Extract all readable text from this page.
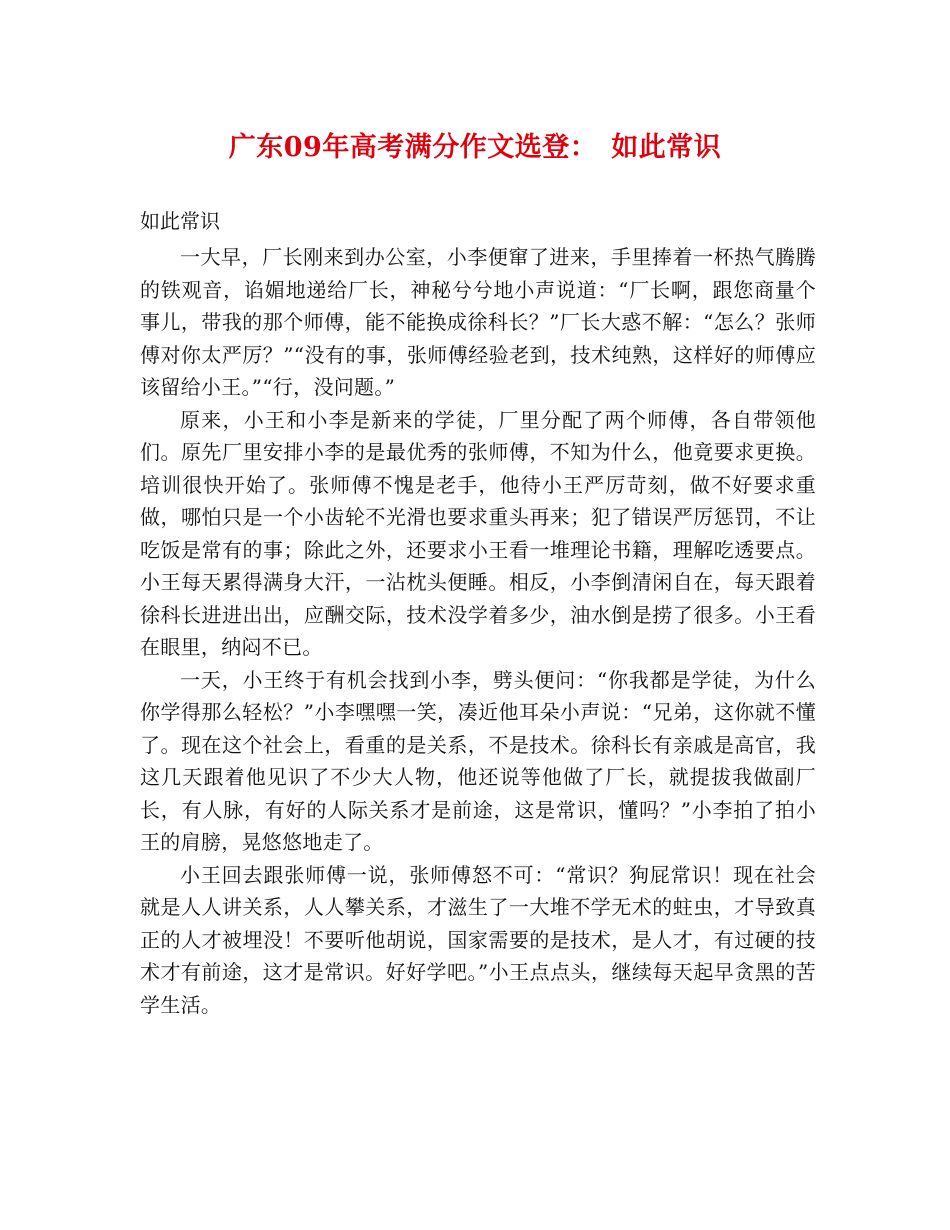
广东09年高考满分作文选登：　如此常识
如此常识

一大早，厂长刚来到办公室，小李便窜了进来，手里捧着一杯热气腾腾的铁观音，谄媚地递给厂长，神秘兮兮地小声说道：“厂长啊，跟您商量个事儿，带我的那个师傅，能不能换成徐科长？”厂长大惑不解：“怎么？张师傅对你太严厉？”“没有的事，张师傅经验老到，技术纯熟，这样好的师傅应该留给小王。”“行，没问题。”

原来，小王和小李是新来的学徒，厂里分配了两个师傅，各自带领他们。原先厂里安排小李的是最优秀的张师傅，不知为什么，他竟要求更换。培训很快开始了。张师傅不愧是老手，他待小王严厉苛刻，做不好要求重做，哪怕只是一个小齿轮不光滑也要求重头再来；犯了错误严厉惩罚，不让吃饭是常有的事；除此之外，还要求小王看一堆理论书籍，理解吃透要点。小王每天累得满身大汗，一沾枕头便睡。相反，小李倒清闲自在，每天跟着徐科长进进出出，应酬交际，技术没学着多少，油水倒是捞了很多。小王看在眼里，纳闷不已。

一天，小王终于有机会找到小李，劈头便问：“你我都是学徒，为什么你学得那么轻松？”小李嘿嘿一笑，凑近他耳朵小声说：“兄弟，这你就不懂了。现在这个社会上，看重的是关系，不是技术。徐科长有亲戚是高官，我这几天跟着他见识了不少大人物，他还说等他做了厂长，就提拔我做副厂长，有人脉，有好的人际关系才是前途，这是常识，懂吗？”小李拍了拍小王的肩膀，晃悠悠地走了。

小王回去跟张师傅一说，张师傅怒不可：“常识？狗屁常识！现在社会就是人人讲关系，人人攀关系，才滋生了一大堆不学无术的蛀虫，才导致真正的人才被埋没！不要听他胡说，国家需要的是技术，是人才，有过硬的技术才有前途，这才是常识。好好学吧。”小王点点头，继续每天起早贪黑的苦学生活。
